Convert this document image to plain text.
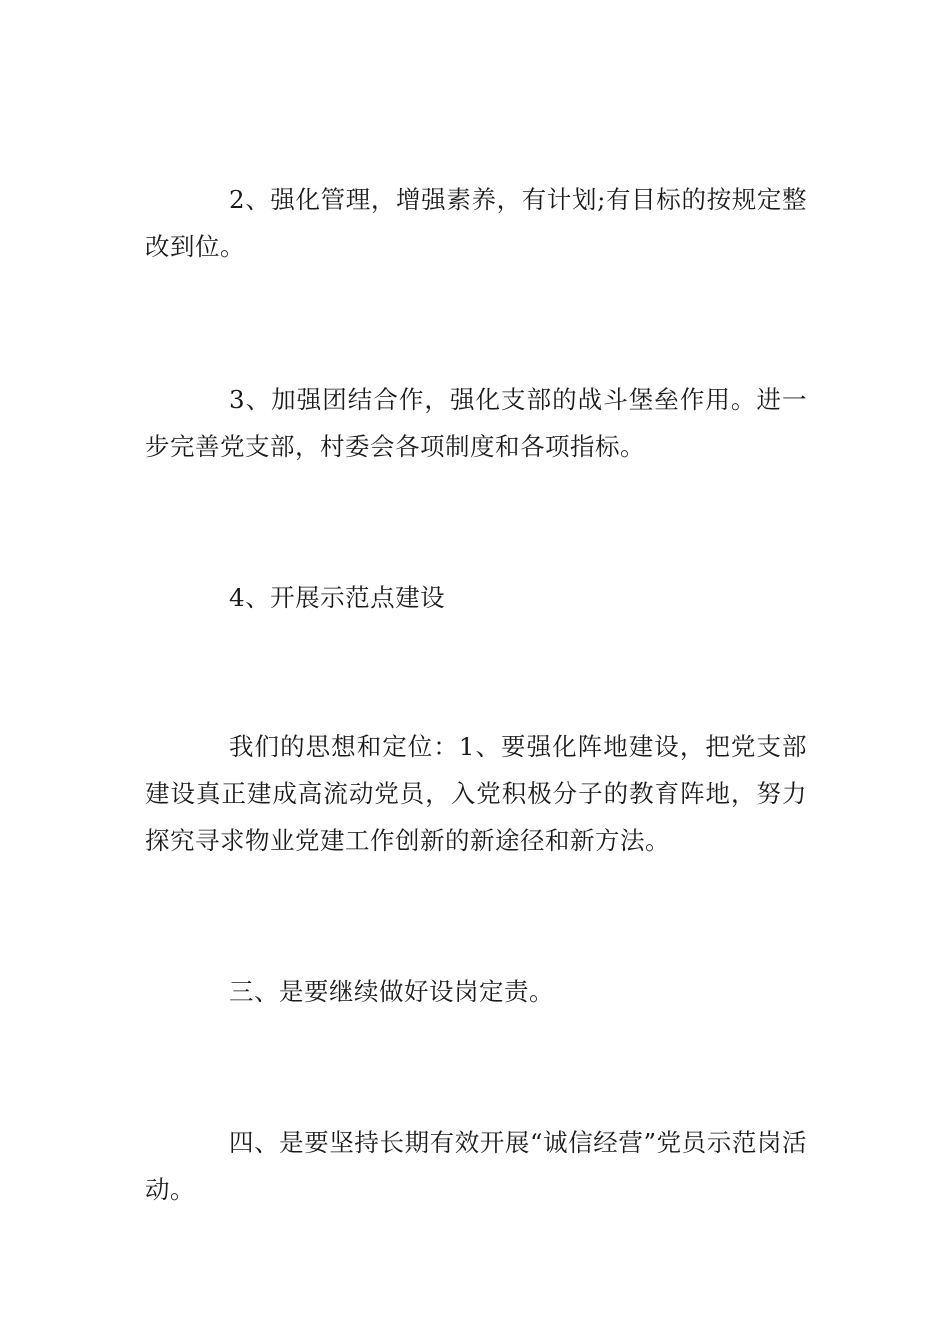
2、强化管理，增强素养，有计划;有目标的按规定整改到位。

3、加强团结合作，强化支部的战斗堡垒作用。进一步完善党支部，村委会各项制度和各项指标。

4、开展示范点建设

我们的思想和定位：1、要强化阵地建设，把党支部建设真正建成高流动党员，入党积极分子的教育阵地，努力探究寻求物业党建工作创新的新途径和新方法。

三、是要继续做好设岗定责。

四、是要坚持长期有效开展“诚信经营”党员示范岗活动。
